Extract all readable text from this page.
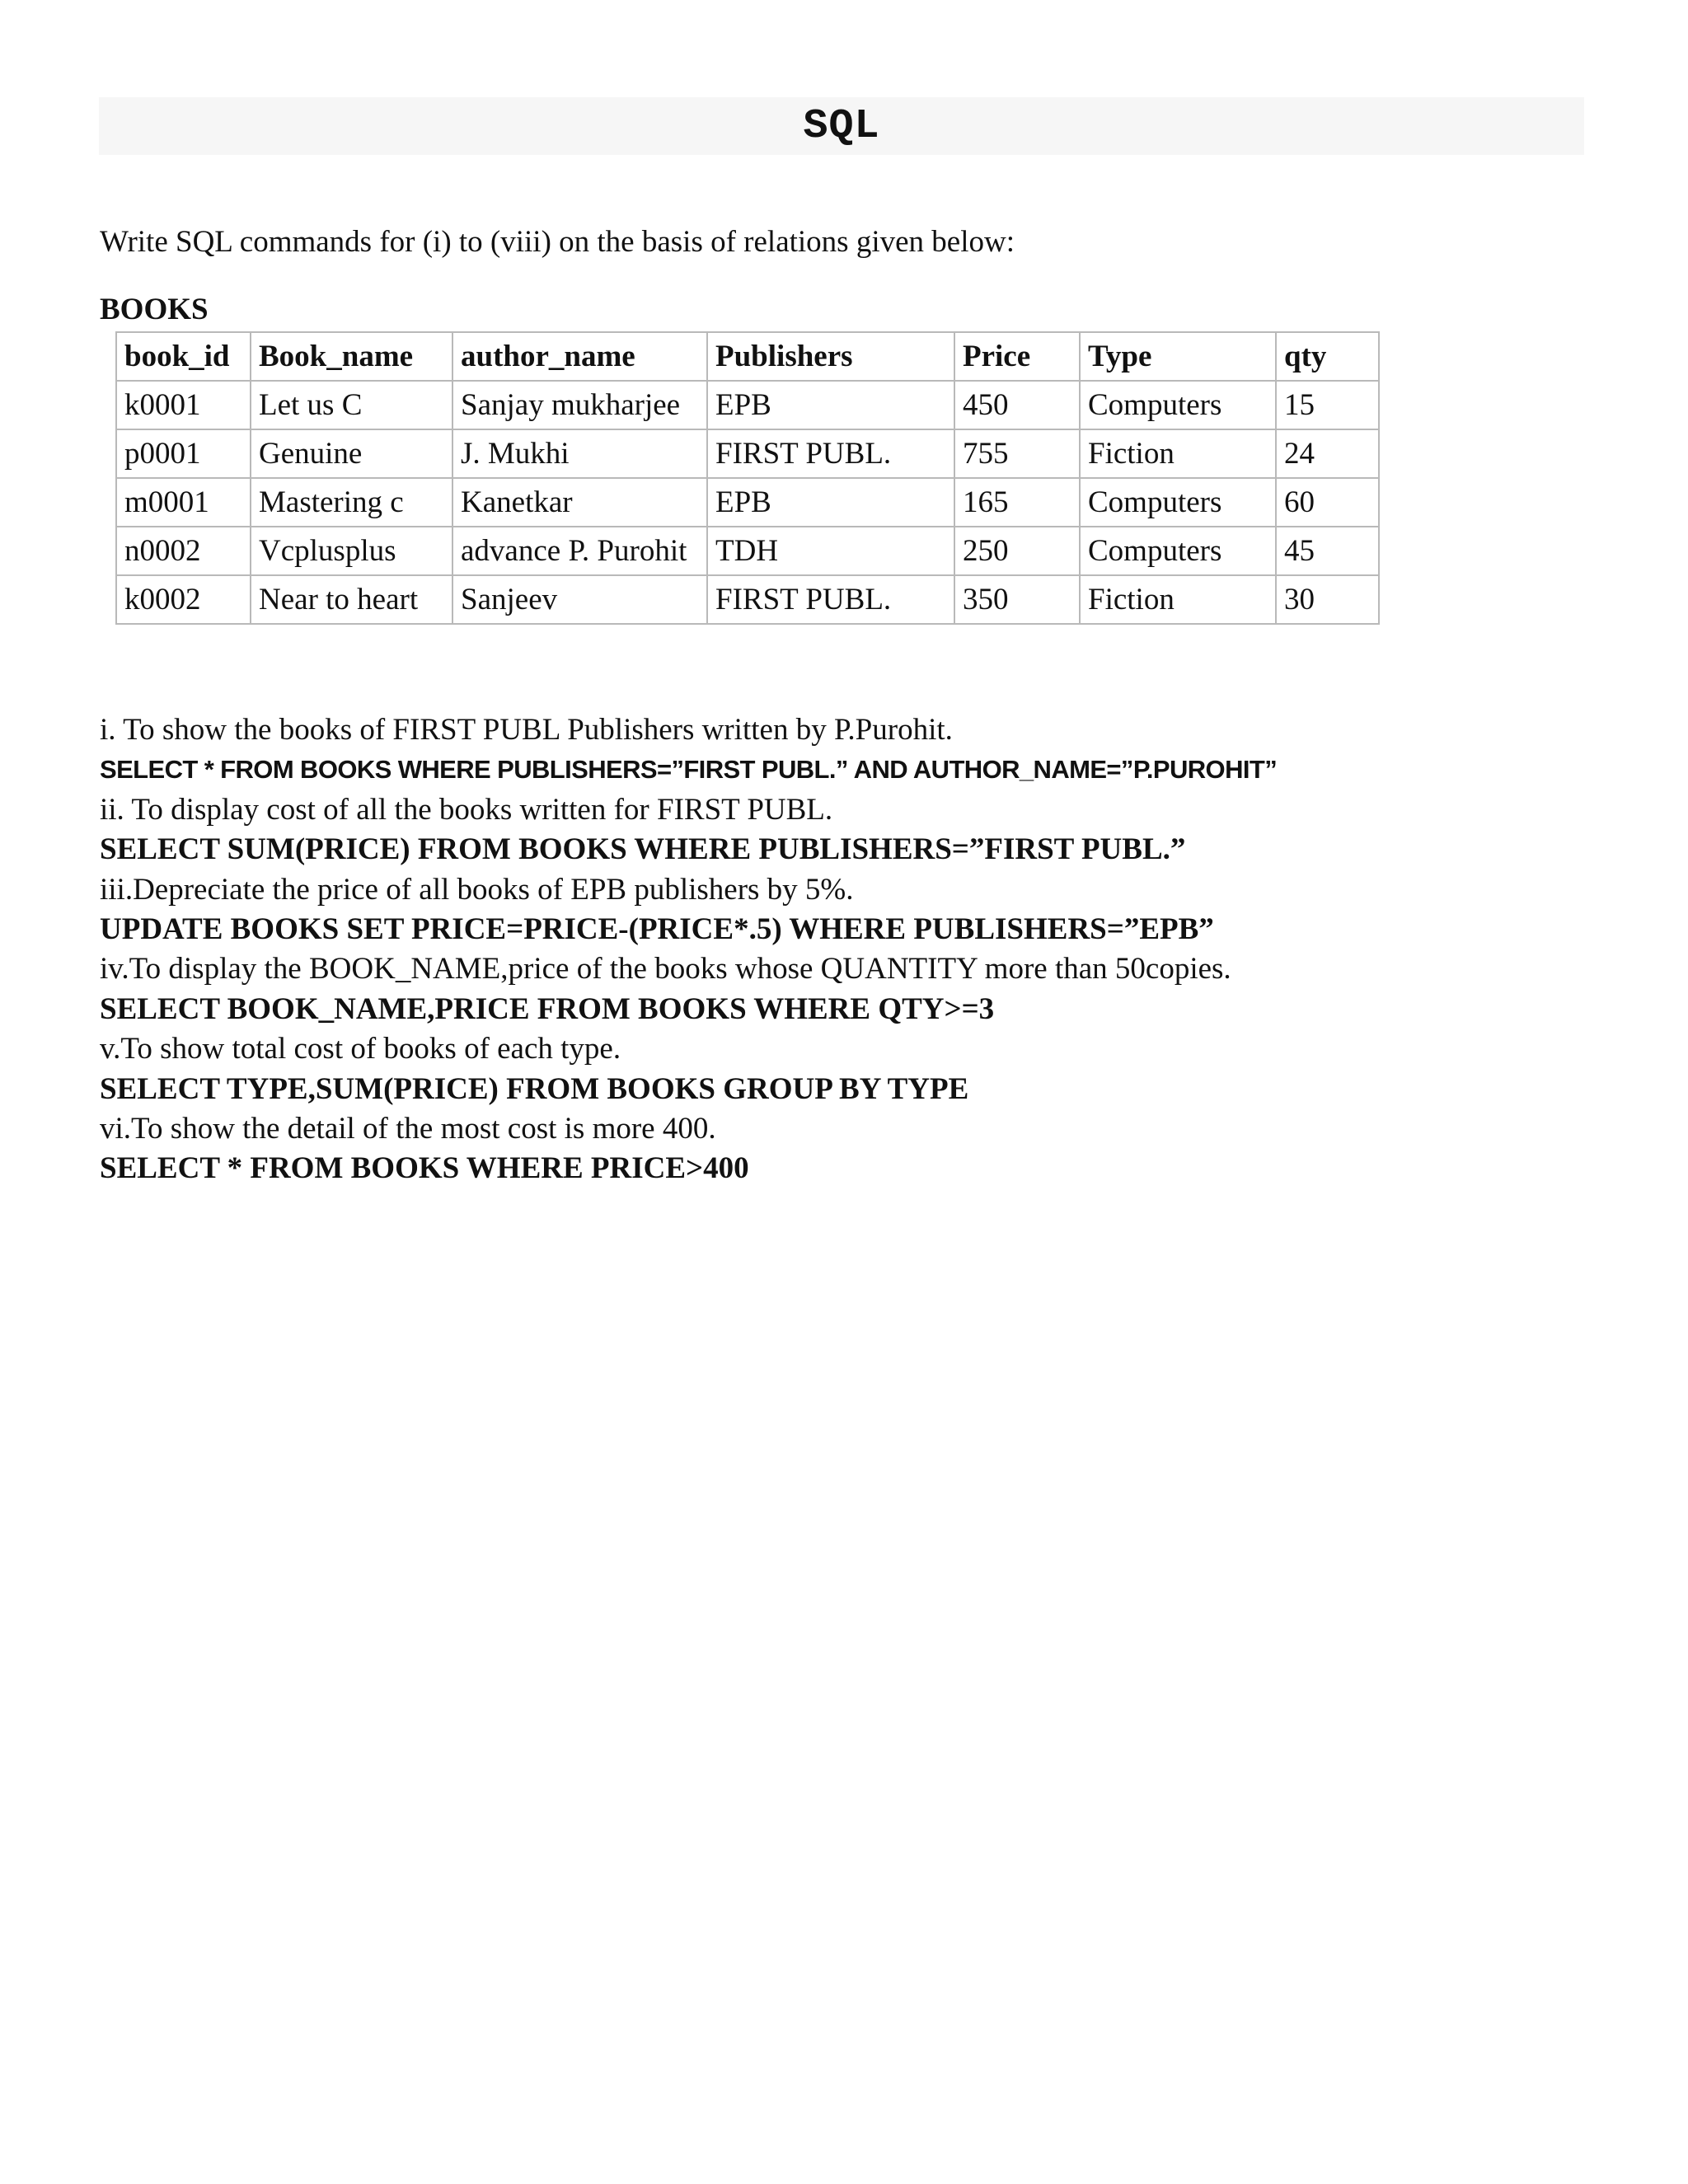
SQL
Write SQL commands for (i) to (viii) on the basis of relations given below:
BOOKS
book_id	Book_name	author_name	Publishers	Price	Type	qty
k0001	Let us C	Sanjay mukharjee	EPB	450	Computers	15
p0001	Genuine	J. Mukhi	FIRST PUBL.	755	Fiction	24
m0001	Mastering c	Kanetkar	EPB	165	Computers	60
n0002	Vcplusplus	advance P. Purohit	TDH	250	Computers	45
k0002	Near to heart	Sanjeev	FIRST PUBL.	350	Fiction	30
i. To show the books of FIRST PUBL Publishers written by P.Purohit.
SELECT * FROM BOOKS WHERE PUBLISHERS=”FIRST PUBL.” AND AUTHOR_NAME=”P.PUROHIT”
ii. To display cost of all the books written for FIRST PUBL.
SELECT SUM(PRICE) FROM BOOKS WHERE PUBLISHERS=”FIRST PUBL.”
iii.Depreciate the price of all books of EPB publishers by 5%.
UPDATE BOOKS SET PRICE=PRICE-(PRICE*.5) WHERE PUBLISHERS=”EPB”
iv.To display the BOOK_NAME,price of the books whose QUANTITY more than 50copies.
SELECT BOOK_NAME,PRICE FROM BOOKS WHERE QTY>=3
v.To show total cost of books of each type.
SELECT TYPE,SUM(PRICE) FROM BOOKS GROUP BY TYPE
vi.To show the detail of the most cost is more 400.
SELECT * FROM BOOKS WHERE PRICE>400
